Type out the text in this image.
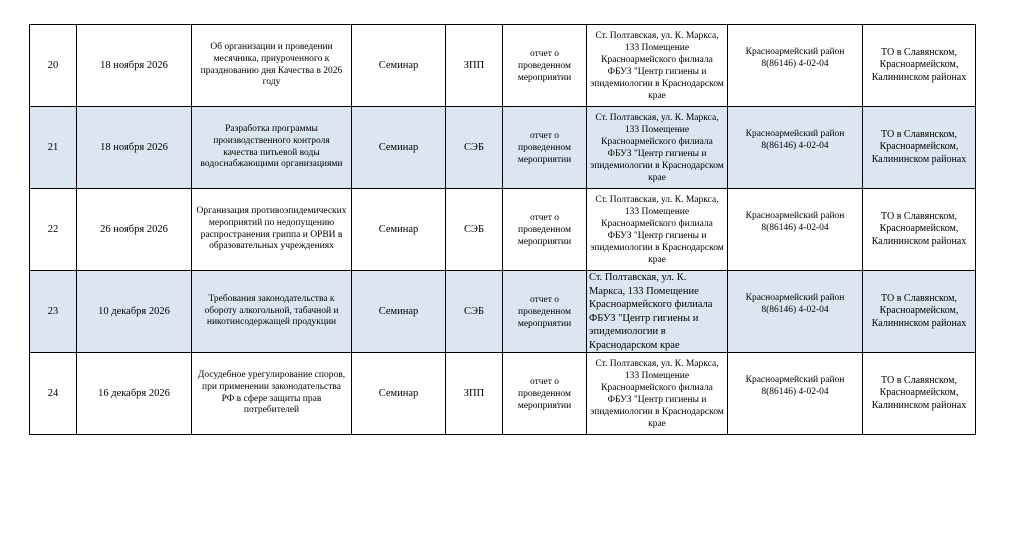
20	18 ноября 2026	Об организации и проведении месячника, приуроченного к празднованию дня Качества в 2026 году	Семинар	ЗПП	отчет о проведенном мероприятии	Ст. Полтавская, ул. К. Маркса, 133 Помещение Красноармейского филиала ФБУЗ "Центр гигиены и эпидемиологии в Краснодарском крае	Красноармейский район 8(86146) 4-02-04	ТО в Славянском, Красноармейском, Калининском районах
21	18 ноября 2026	Разработка программы производственного контроля качества питьевой воды водоснабжающими организациями	Семинар	СЭБ	отчет о проведенном мероприятии	Ст. Полтавская, ул. К. Маркса, 133 Помещение Красноармейского филиала ФБУЗ "Центр гигиены и эпидемиологии в Краснодарском крае	Красноармейский район 8(86146) 4-02-04	ТО в Славянском, Красноармейском, Калининском районах
22	26 ноября 2026	Организация противоэпидемических мероприятий по недопущению распространения гриппа и ОРВИ в образовательных учреждениях	Семинар	СЭБ	отчет о проведенном мероприятии	Ст. Полтавская, ул. К. Маркса, 133 Помещение Красноармейского филиала ФБУЗ "Центр гигиены и эпидемиологии в Краснодарском крае	Красноармейский район 8(86146) 4-02-04	ТО в Славянском, Красноармейском, Калининском районах
23	10 декабря 2026	Требования законодательства к обороту алкогольной, табачной и никотинсодержащей продукции	Семинар	СЭБ	отчет о проведенном мероприятии	Ст. Полтавская, ул. К. Маркса, 133 Помещение Красноармейского филиала ФБУЗ "Центр гигиены и эпидемиологии в Краснодарском крае	Красноармейский район 8(86146) 4-02-04	ТО в Славянском, Красноармейском, Калининском районах
24	16 декабря 2026	Досудебное урегулирование споров, при применении законодательства РФ в сфере защиты прав потребителей	Семинар	ЗПП	отчет о проведенном мероприятии	Ст. Полтавская, ул. К. Маркса, 133 Помещение Красноармейского филиала ФБУЗ "Центр гигиены и эпидемиологии в Краснодарском крае	Красноармейский район 8(86146) 4-02-04	ТО в Славянском, Красноармейском, Калининском районах
